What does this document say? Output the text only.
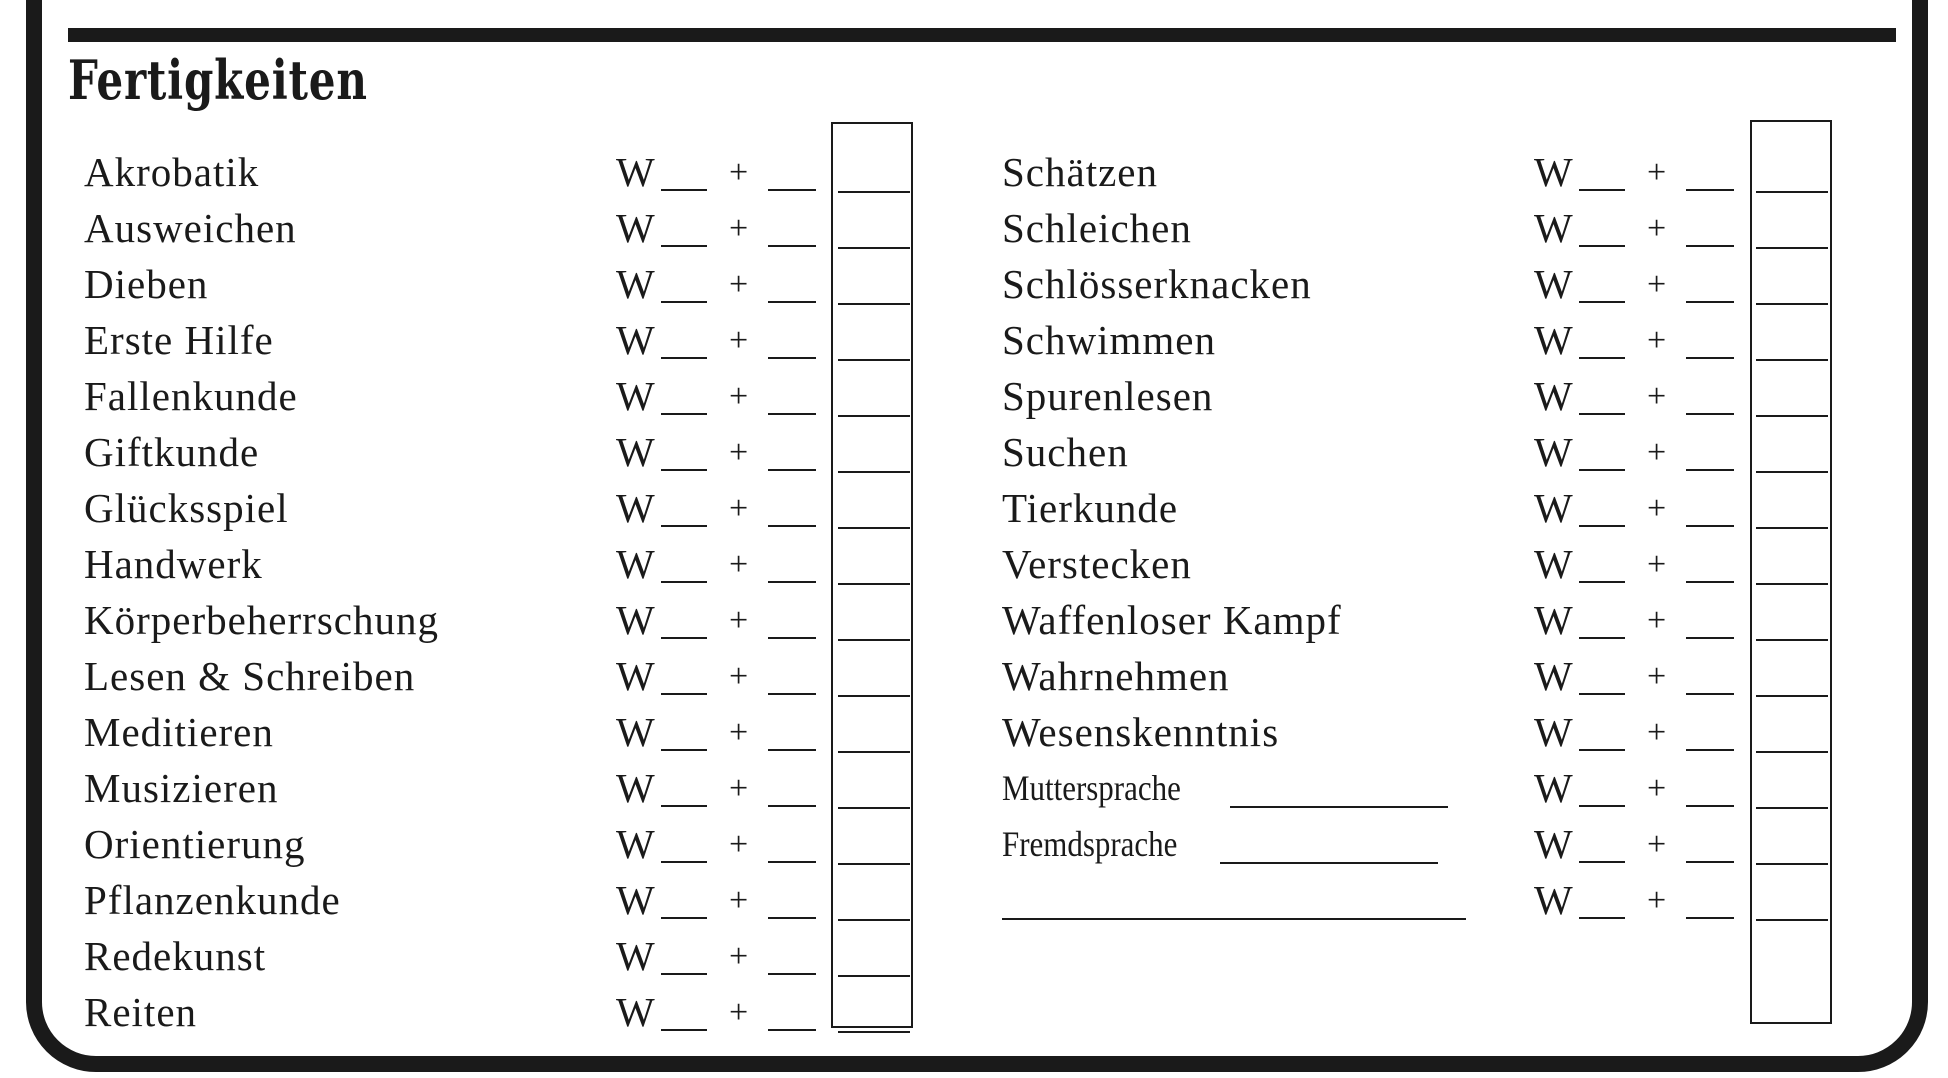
Fertigkeiten
Akrobatik	W +
Ausweichen	W +
Dieben	W +
Erste Hilfe	W +
Fallenkunde	W +
Giftkunde	W +
Glücksspiel	W +
Handwerk	W +
Körperbeherrschung	W +
Lesen & Schreiben	W +
Meditieren	W +
Musizieren	W +
Orientierung	W +
Pflanzenkunde	W +
Redekunst	W +
Reiten	W +
Schätzen	W +
Schleichen	W +
Schlösserknacken	W +
Schwimmen	W +
Spurenlesen	W +
Suchen	W +
Tierkunde	W +
Verstecken	W +
Waffenloser Kampf	W +
Wahrnehmen	W +
Wesenskenntnis	W +
Muttersprache	W +
Fremdsprache	W +
W +
